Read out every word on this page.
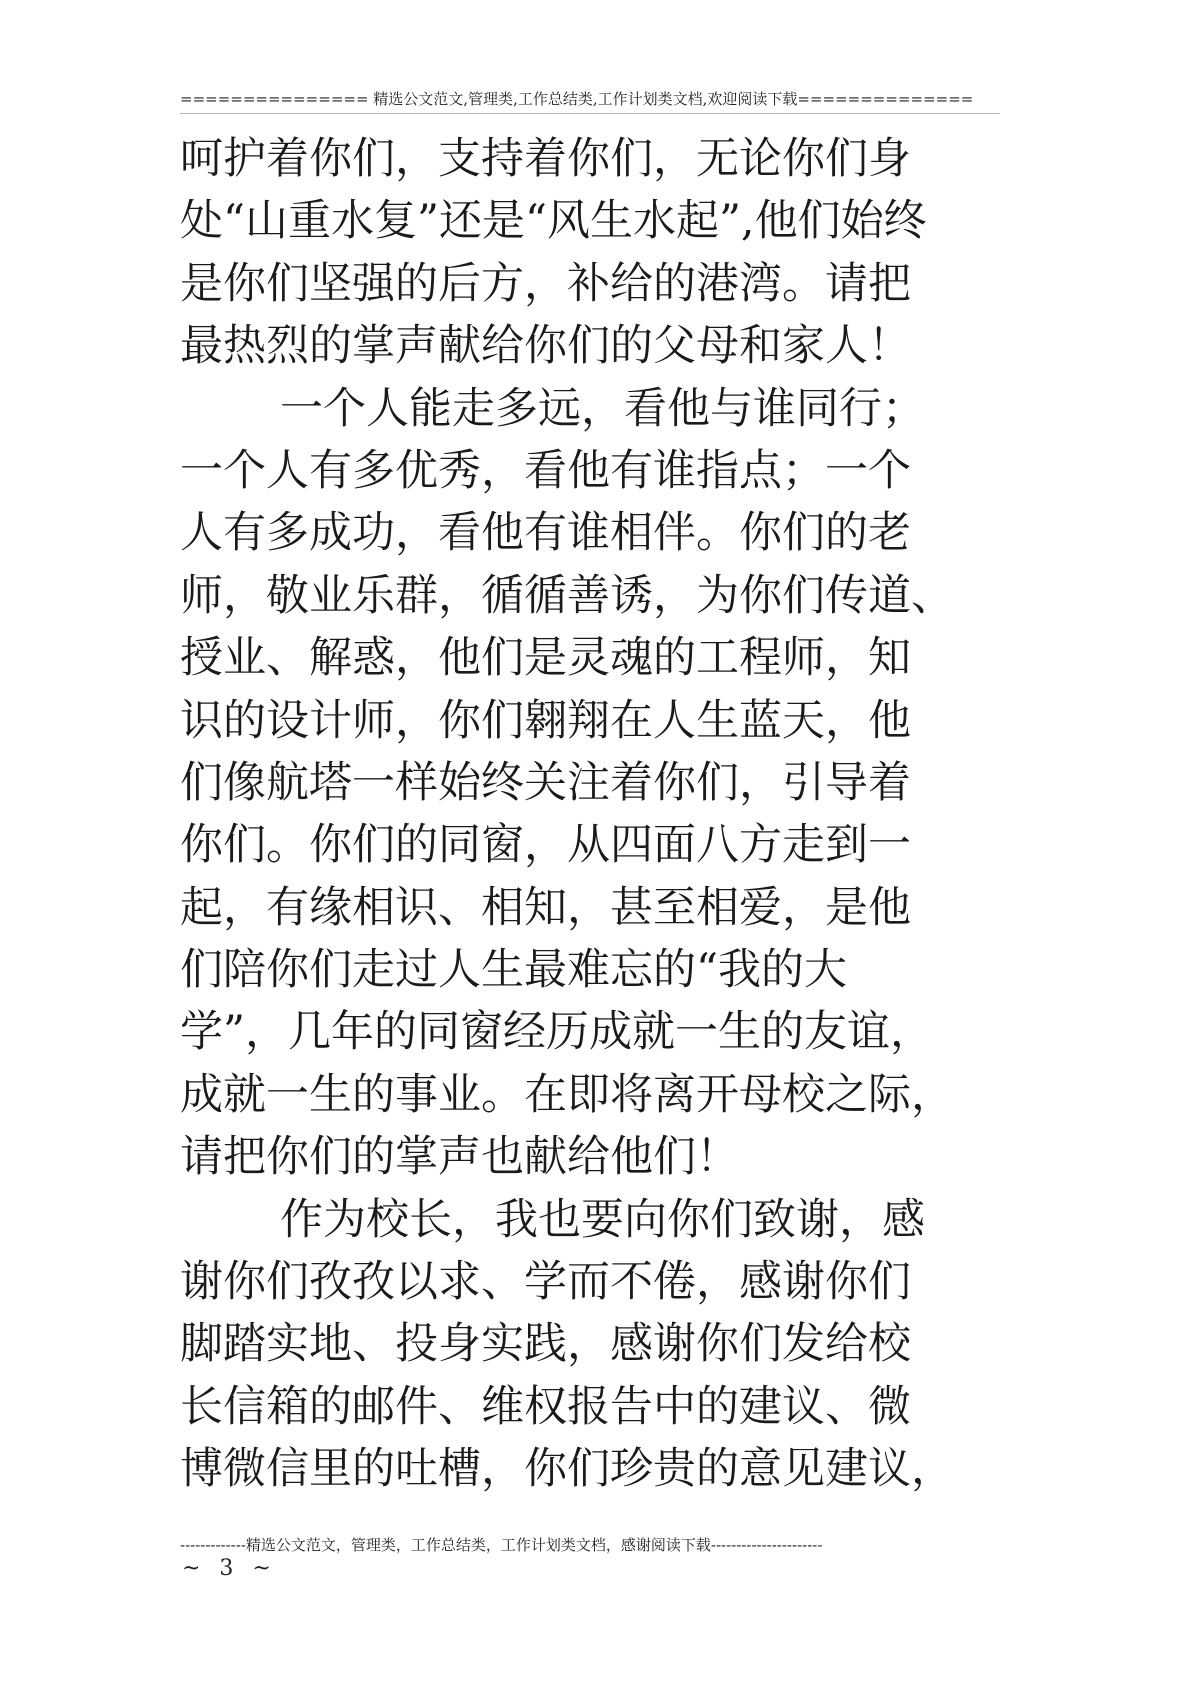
=============== 精选公文范文,管理类,工作总结类,工作计划类文档,欢迎阅读下载==============
呵护着你们，支持着你们，无论你们身
处“山重水复”还是“风生水起”,他们始终
是你们坚强的后方，补给的港湾。请把
最热烈的掌声献给你们的父母和家人！
一个人能走多远，看他与谁同行；
一个人有多优秀，看他有谁指点；一个
人有多成功，看他有谁相伴。你们的老
师，敬业乐群，循循善诱，为你们传道、
授业、解惑，他们是灵魂的工程师，知
识的设计师，你们翱翔在人生蓝天，他
们像航塔一样始终关注着你们，引导着
你们。你们的同窗，从四面八方走到一
起，有缘相识、相知，甚至相爱，是他
们陪你们走过人生最难忘的“我的大
学”，几年的同窗经历成就一生的友谊，
成就一生的事业。在即将离开母校之际，
请把你们的掌声也献给他们！
作为校长，我也要向你们致谢，感
谢你们孜孜以求、学而不倦，感谢你们
脚踏实地、投身实践，感谢你们发给校
长信箱的邮件、维权报告中的建议、微
博微信里的吐槽，你们珍贵的意见建议，
-------------精选公文范文，管理类，工作总结类，工作计划类文档，感谢阅读下载----------------------
~ 3 ~
